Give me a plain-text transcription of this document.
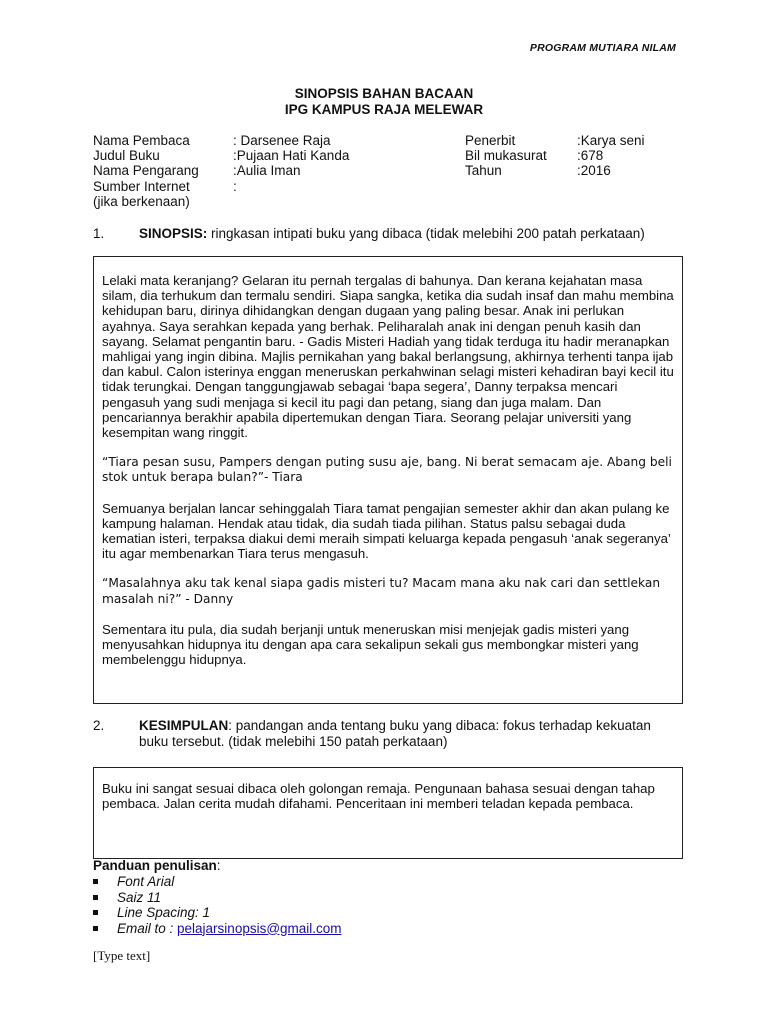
PROGRAM MUTIARA NILAM
SINOPSIS BAHAN BACAAN
IPG KAMPUS RAJA MELEWAR
Nama Pembaca	: Darsenee Raja	Penerbit	:Karya seni
Judul Buku	:Pujaan Hati Kanda	Bil mukasurat :678
Nama Pengarang	:Aulia Iman	Tahun	:2016
Sumber Internet	:
(jika berkenaan)
1.	SINOPSIS: ringkasan intipati buku yang dibaca (tidak melebihi 200 patah perkataan)

Lelaki mata keranjang? Gelaran itu pernah tergalas di bahunya. Dan kerana kejahatan masa silam, dia terhukum dan termalu sendiri. Siapa sangka, ketika dia sudah insaf dan mahu membina kehidupan baru, dirinya dihidangkan dengan dugaan yang paling besar. Anak ini perlukan ayahnya. Saya serahkan kepada yang berhak. Peliharalah anak ini dengan penuh kasih dan sayang. Selamat pengantin baru. - Gadis Misteri Hadiah yang tidak terduga itu hadir meranapkan mahligai yang ingin dibina. Majlis pernikahan yang bakal berlangsung, akhirnya terhenti tanpa ijab dan kabul. Calon isterinya enggan meneruskan perkahwinan selagi misteri kehadiran bayi kecil itu tidak terungkai. Dengan tanggungjawab sebagai ‘bapa segera’, Danny terpaksa mencari pengasuh yang sudi menjaga si kecil itu pagi dan petang, siang dan juga malam. Dan pencariannya berakhir apabila dipertemukan dengan Tiara. Seorang pelajar universiti yang kesempitan wang ringgit.

“Tiara pesan susu, Pampers dengan puting susu aje, bang. Ni berat semacam aje. Abang beli stok untuk berapa bulan?”- Tiara

Semuanya berjalan lancar sehinggalah Tiara tamat pengajian semester akhir dan akan pulang ke kampung halaman. Hendak atau tidak, dia sudah tiada pilihan. Status palsu sebagai duda kematian isteri, terpaksa diakui demi meraih simpati keluarga kepada pengasuh ‘anak segeranya’ itu agar membenarkan Tiara terus mengasuh.

“Masalahnya aku tak kenal siapa gadis misteri tu? Macam mana aku nak cari dan settlekan masalah ni?” - Danny

Sementara itu pula, dia sudah berjanji untuk meneruskan misi menjejak gadis misteri yang menyusahkan hidupnya itu dengan apa cara sekalipun sekali gus membongkar misteri yang membelenggu hidupnya.

2.	KESIMPULAN: pandangan anda tentang buku yang dibaca: fokus terhadap kekuatan buku tersebut. (tidak melebihi 150 patah perkataan)

Buku ini sangat sesuai dibaca oleh golongan remaja. Pengunaan bahasa sesuai dengan tahap pembaca. Jalan cerita mudah difahami. Penceritaan ini memberi teladan kepada pembaca.

Panduan penulisan:
Font Arial
Saiz 11
Line Spacing: 1
Email to : pelajarsinopsis@gmail.com
[Type text]
